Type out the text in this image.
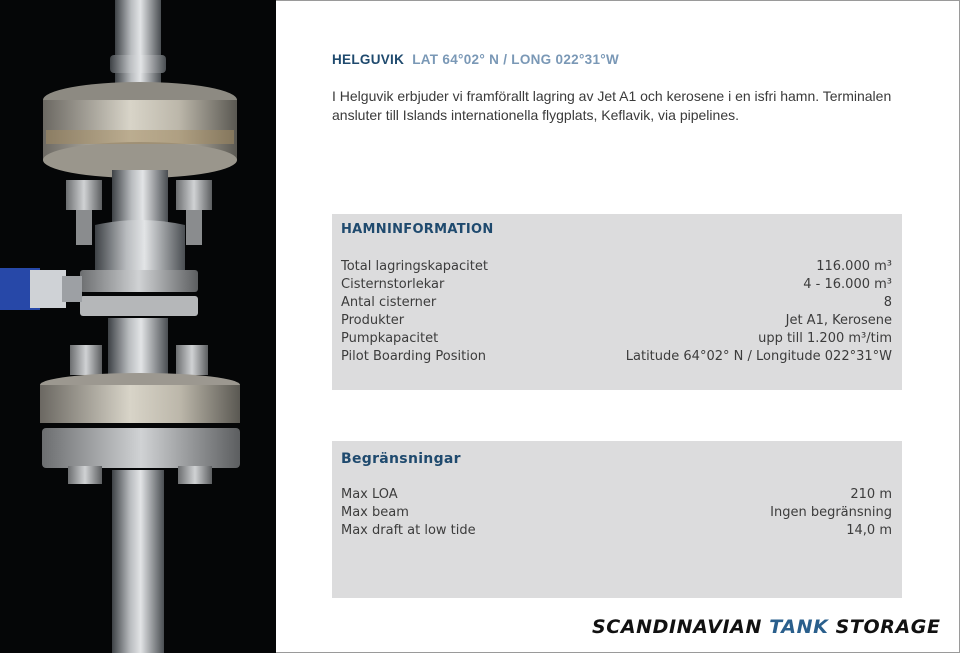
HELGUVIK LAT 64°02° N / LONG 022°31°W
I Helguvik erbjuder vi framförallt lagring av Jet A1 och kerosene i en isfri hamn. Terminalen ansluter till Islands internationella flygplats, Keflavik, via pipelines.
HAMNINFORMATION
Total lagringskapacitet	116.000 m³
Cisternstorlekar	4 - 16.000 m³
Antal cisterner	8
Produkter	Jet A1, Kerosene
Pumpkapacitet	upp till 1.200 m³/tim
Pilot Boarding Position	Latitude 64°02° N / Longitude 022°31°W
Begränsningar
Max LOA	210 m
Max beam	Ingen begränsning
Max draft at low tide	14,0 m
SCANDINAVIAN TANK STORAGE
